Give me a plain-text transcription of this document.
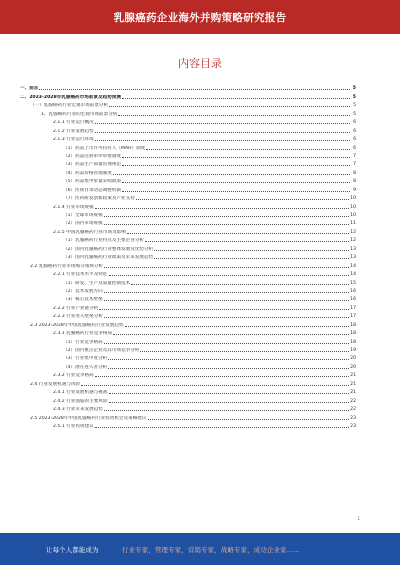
乳腺癌药企业海外并购策略研究报告
内容目录
一、前言	5
二、2023-2028年乳腺癌药市场前景及趋势预测	5
（一）乳腺癌药行业宏观市场前景分析	5
1、乳腺癌药行业的宏观市场前景分析	5
2.1.1 行业运行概况	6
2.1.2 行业发展趋势	6
2.1.3 行业运行环境	6
（1）药品上市许可持有人（MAH）制度	6
（2）药品注册审评审批制度	7
（3）药品生产质量管理规范	7
（4）药品价格管理制度	8
（5）药品集中带量采购政策	8
（6）医保目录动态调整机制	9
（7）医药研发创新政策及产业支持	10
2.1.4 行业市场规模	10
（1）全球市场规模	10
（2）国内市场规模	11
2.1.5 中国乳腺癌药行业市场及影响	12
（1）乳腺癌药行业特点及主要企业分析	12
（2）国内乳腺癌药行业整体发展及优势分析	13
（3）国内乳腺癌药行业政策及未来发展趋势	13
2.2 乳腺癌药行业市场细分领域分析	14
2.2.1 行业技术水平及特征	14
（1）研发、生产及质量控制技术	15
（2）技术发展方向	16
（3）核心技术壁垒	16
2.2.2 行业产业链分析	17
2.2.3 行业进入壁垒分析	17
2.3 2023-2028年中国乳腺癌药行业发展趋势	18
2.3.1 乳腺癌药行业竞争格局	18
（1）行业竞争格局	18
（2）国内重点企业及其市场竞争分析	19
（3）行业集中度分析	20
（4）潜在进入者分析	20
2.3.2 行业竞争格局	21
2.4 行业发展机遇与风险	21
2.4.1 行业发展机遇与挑战	21
2.4.2 行业面临的主要风险	22
2.4.3 行业未来发展趋势	22
2.5 2023-2028年中国乳腺癌药行业投资机会及策略建议	23
2.5.1 行业投资建议	23
1
让每个人都能成为	行业专家，管理专家，营销专家，战略专家，成功企业家……
